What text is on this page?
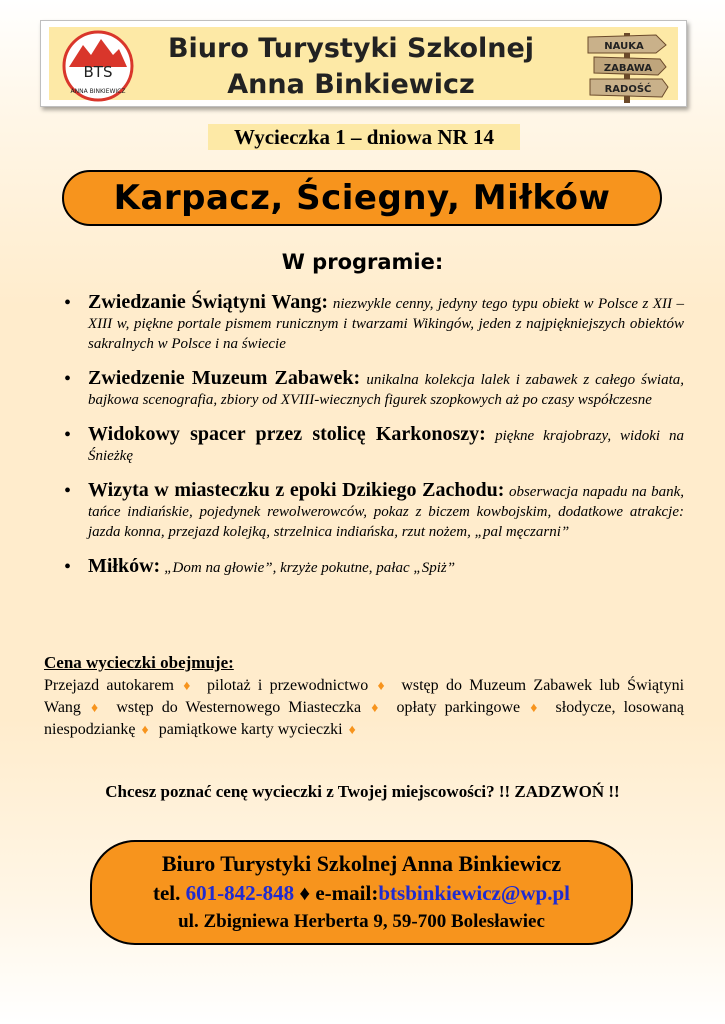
BTS
ANNA BINKIEWICZ
Biuro Turystyki Szkolnej
Anna Binkiewicz
NAUKA
ZABAWA
RADOŚĆ
Wycieczka 1 – dniowa NR 14
Karpacz, Ściegny, Miłków
W programie:
• Zwiedzanie Świątyni Wang: niezwykle cenny, jedyny tego typu obiekt w Polsce z XII – XIII w, piękne portale pismem runicznym i twarzami Wikingów, jeden z najpiękniejszych obiektów sakralnych w Polsce i na świecie
• Zwiedzenie Muzeum Zabawek: unikalna kolekcja lalek i zabawek z całego świata, bajkowa scenografia, zbiory od XVIII-wiecznych figurek szopkowych aż po czasy współczesne
• Widokowy spacer przez stolicę Karkonoszy: piękne krajobrazy, widoki na Śnieżkę
• Wizyta w miasteczku z epoki Dzikiego Zachodu: obserwacja napadu na bank, tańce indiańskie, pojedynek rewolwerowców, pokaz z biczem kowbojskim, dodatkowe atrakcje: jazda konna, przejazd kolejką, strzelnica indiańska, rzut nożem, „pal męczarni”
• Miłków: „Dom na głowie”, krzyże pokutne, pałac „Spiż”
Cena wycieczki obejmuje:
Przejazd autokarem ♦ pilotaż i przewodnictwo ♦ wstęp do Muzeum Zabawek lub Świątyni Wang ♦ wstęp do Westernowego Miasteczka ♦ opłaty parkingowe ♦ słodycze, losowaną niespodziankę ♦ pamiątkowe karty wycieczki ♦
Chcesz poznać cenę wycieczki z Twojej miejscowości? !! ZADZWOŃ !!
Biuro Turystyki Szkolnej Anna Binkiewicz
tel. 601-842-848 ♦ e-mail:btsbinkiewicz@wp.pl
ul. Zbigniewa Herberta 9, 59-700 Bolesławiec
